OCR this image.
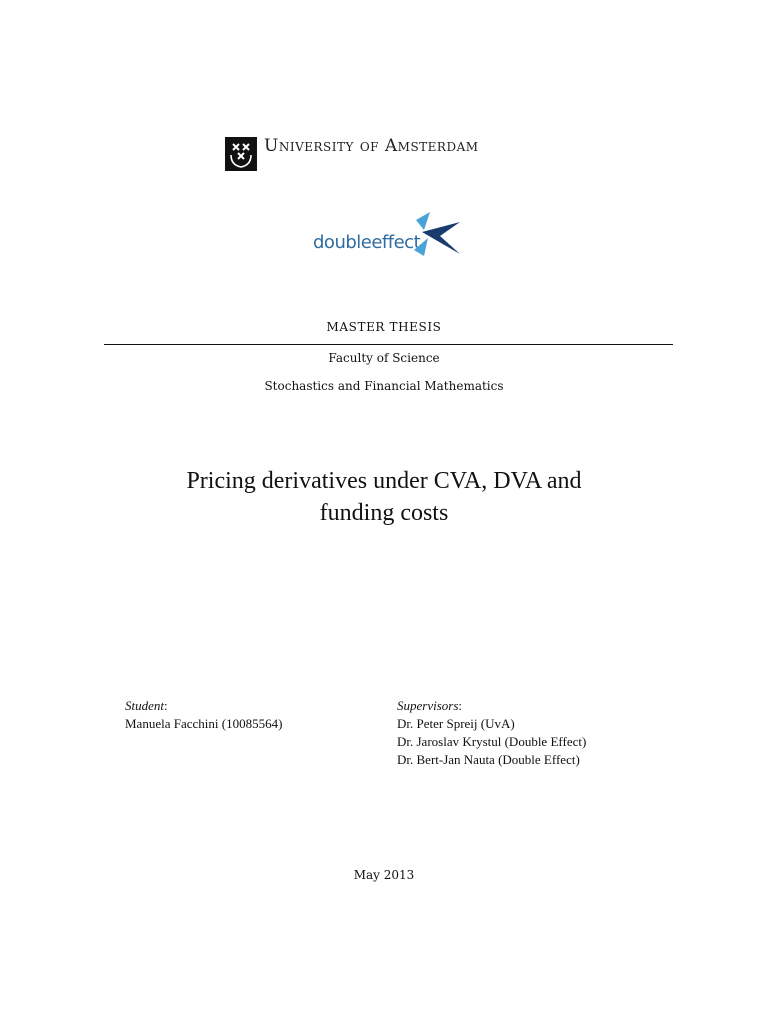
University of Amsterdam
doubleeffect
MASTER THESIS
Faculty of Science
Stochastics and Financial Mathematics
Pricing derivatives under CVA, DVA and
funding costs
Student:
Manuela Facchini (10085564)
Supervisors:
Dr. Peter Spreij (UvA)
Dr. Jaroslav Krystul (Double Effect)
Dr. Bert-Jan Nauta (Double Effect)
May 2013
